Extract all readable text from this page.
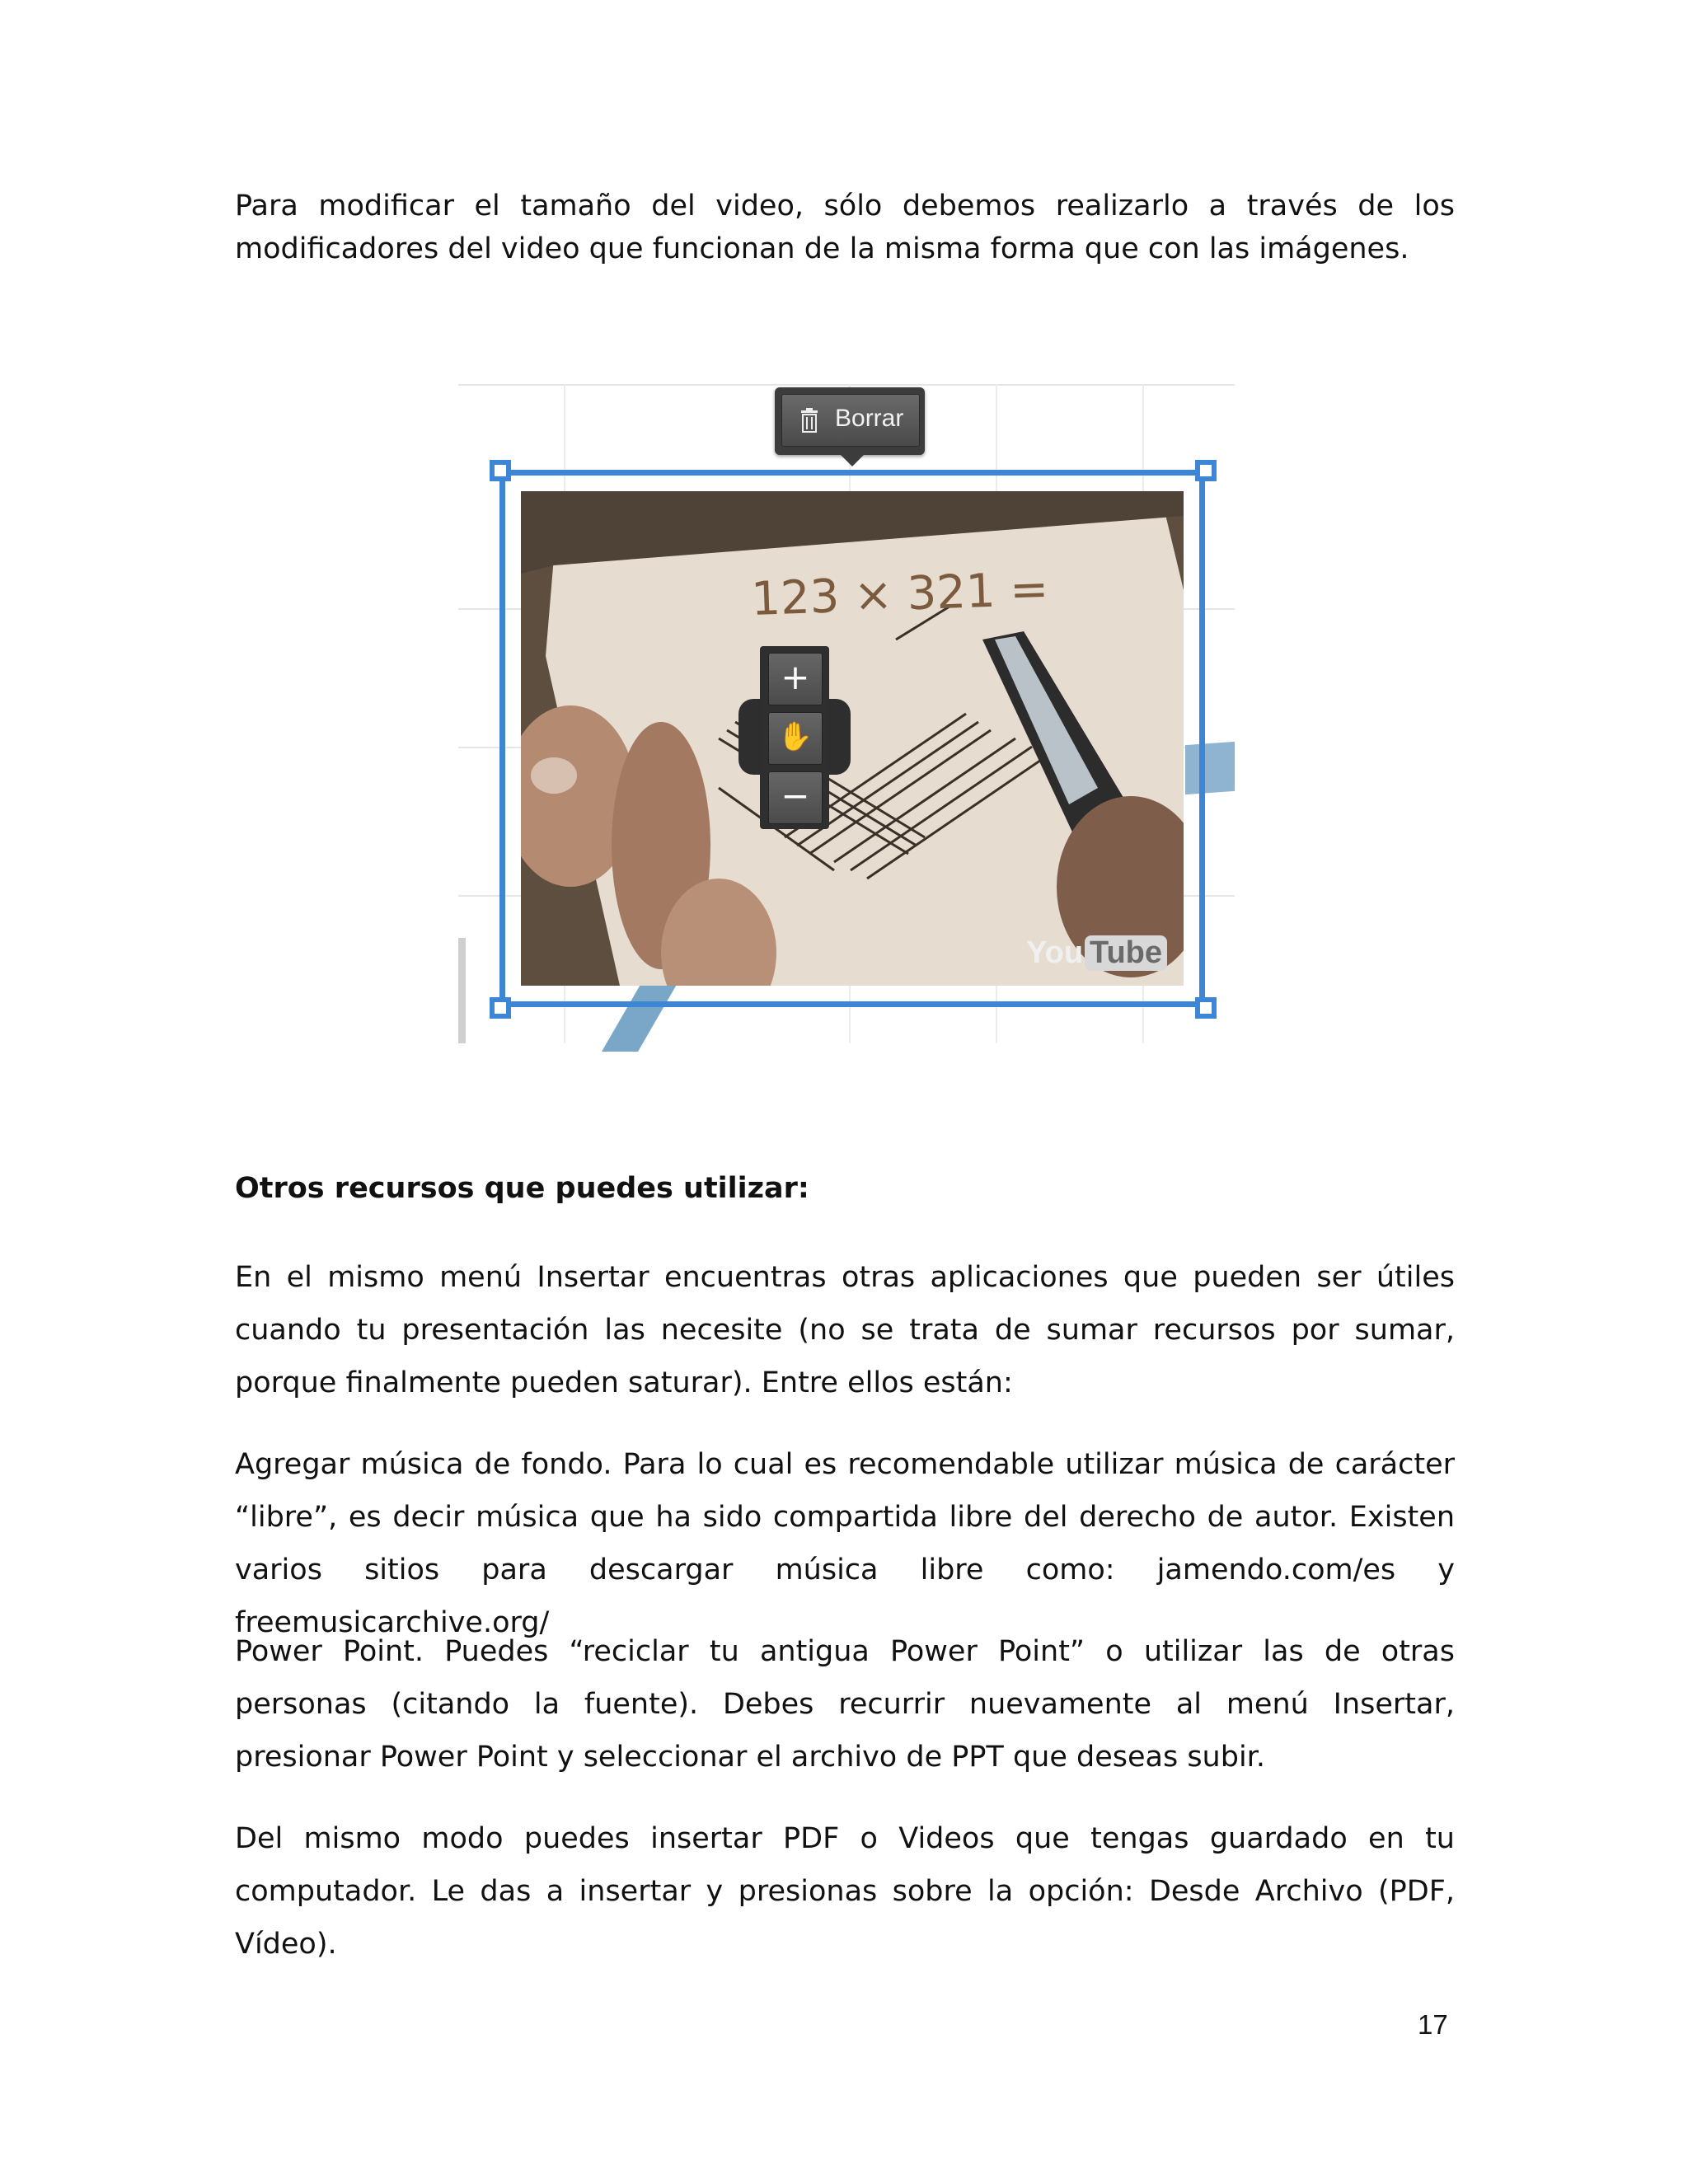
Para modificar el tamaño del video, sólo debemos realizarlo a través de los modificadores del video que funcionan de la misma forma que con las imágenes.

Borrar
123 × 321 =
You Tube
+
✋
−

Otros recursos que puedes utilizar:

En el mismo menú Insertar encuentras otras aplicaciones que pueden ser útiles cuando tu presentación las necesite (no se trata de sumar recursos por sumar, porque finalmente pueden saturar). Entre ellos están:

Agregar música de fondo. Para lo cual es recomendable utilizar música de carácter “libre”, es decir música que ha sido compartida libre del derecho de autor. Existen varios sitios para descargar música libre como: jamendo.com/es y freemusicarchive.org/

Power Point. Puedes “reciclar tu antigua Power Point” o utilizar las de otras personas (citando la fuente). Debes recurrir nuevamente al menú Insertar, presionar Power Point y seleccionar el archivo de PPT que deseas subir.

Del mismo modo puedes insertar PDF o Videos que tengas guardado en tu computador. Le das a insertar y presionas sobre la opción: Desde Archivo (PDF, Vídeo).

17
